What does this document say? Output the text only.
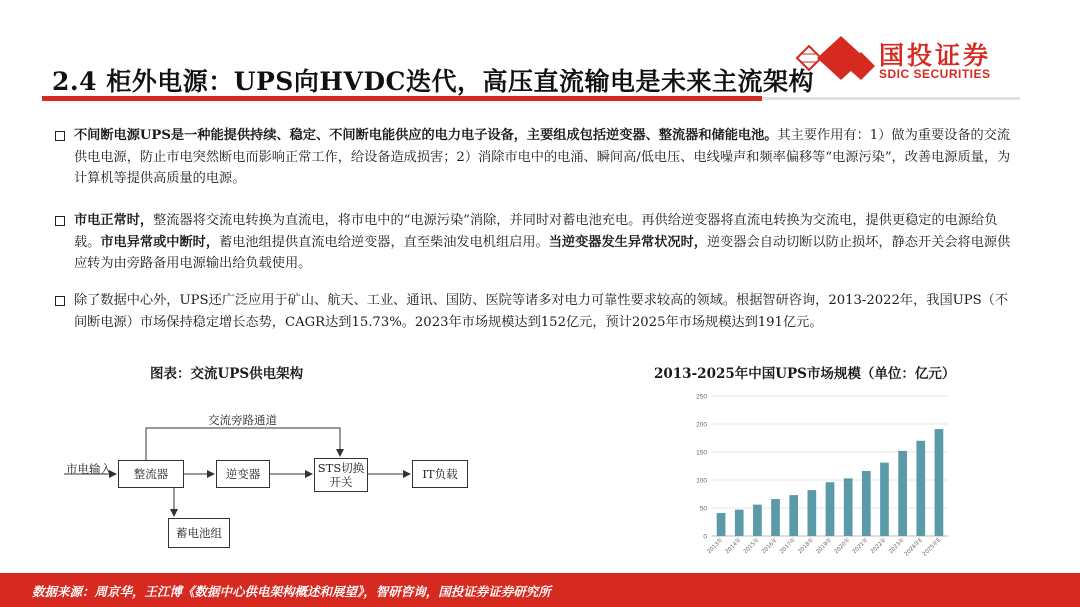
2.4 柜外电源：UPS向HVDC迭代，高压直流输电是未来主流架构
国投证券
SDIC SECURITIES
不间断电源UPS是一种能提供持续、稳定、不间断电能供应的电力电子设备，主要组成包括逆变器、整流器和储能电池。其主要作用有：1）做为重要设备的交流供电电源，防止市电突然断电而影响正常工作，给设备造成损害；2）消除市电中的电涌、瞬间高/低电压、电线噪声和频率偏移等“电源污染”，改善电源质量，为计算机等提供高质量的电源。
市电正常时，整流器将交流电转换为直流电，将市电中的“电源污染”消除，并同时对蓄电池充电。再供给逆变器将直流电转换为交流电，提供更稳定的电源给负载。市电异常或中断时，蓄电池组提供直流电给逆变器，直至柴油发电机组启用。当逆变器发生异常状况时，逆变器会自动切断以防止损坏，静态开关会将电源供应转为由旁路备用电源输出给负载使用。
除了数据中心外，UPS还广泛应用于矿山、航天、工业、通讯、国防、医院等诸多对电力可靠性要求较高的领域。根据智研咨询，2013-2022年，我国UPS（不间断电源）市场保持稳定增长态势，CAGR达到15.73%。2023年市场规模达到152亿元，预计2025年市场规模达到191亿元。
图表：交流UPS供电架构	2013-2025年中国UPS市场规模（单位：亿元）
市电输入
交流旁路通道
整流器	逆变器	STS切换
开关
IT负载
蓄电池组	0
50
100
150
200
250
2013年 2014年 2015年 2016年 2017年 2018年 2019年 2020年 2021年 2022年 2023年
2024年E
2025年E
数据来源：周京华，王江博《数据中心供电架构概述和展望》，智研咨询，国投证券证券研究所
